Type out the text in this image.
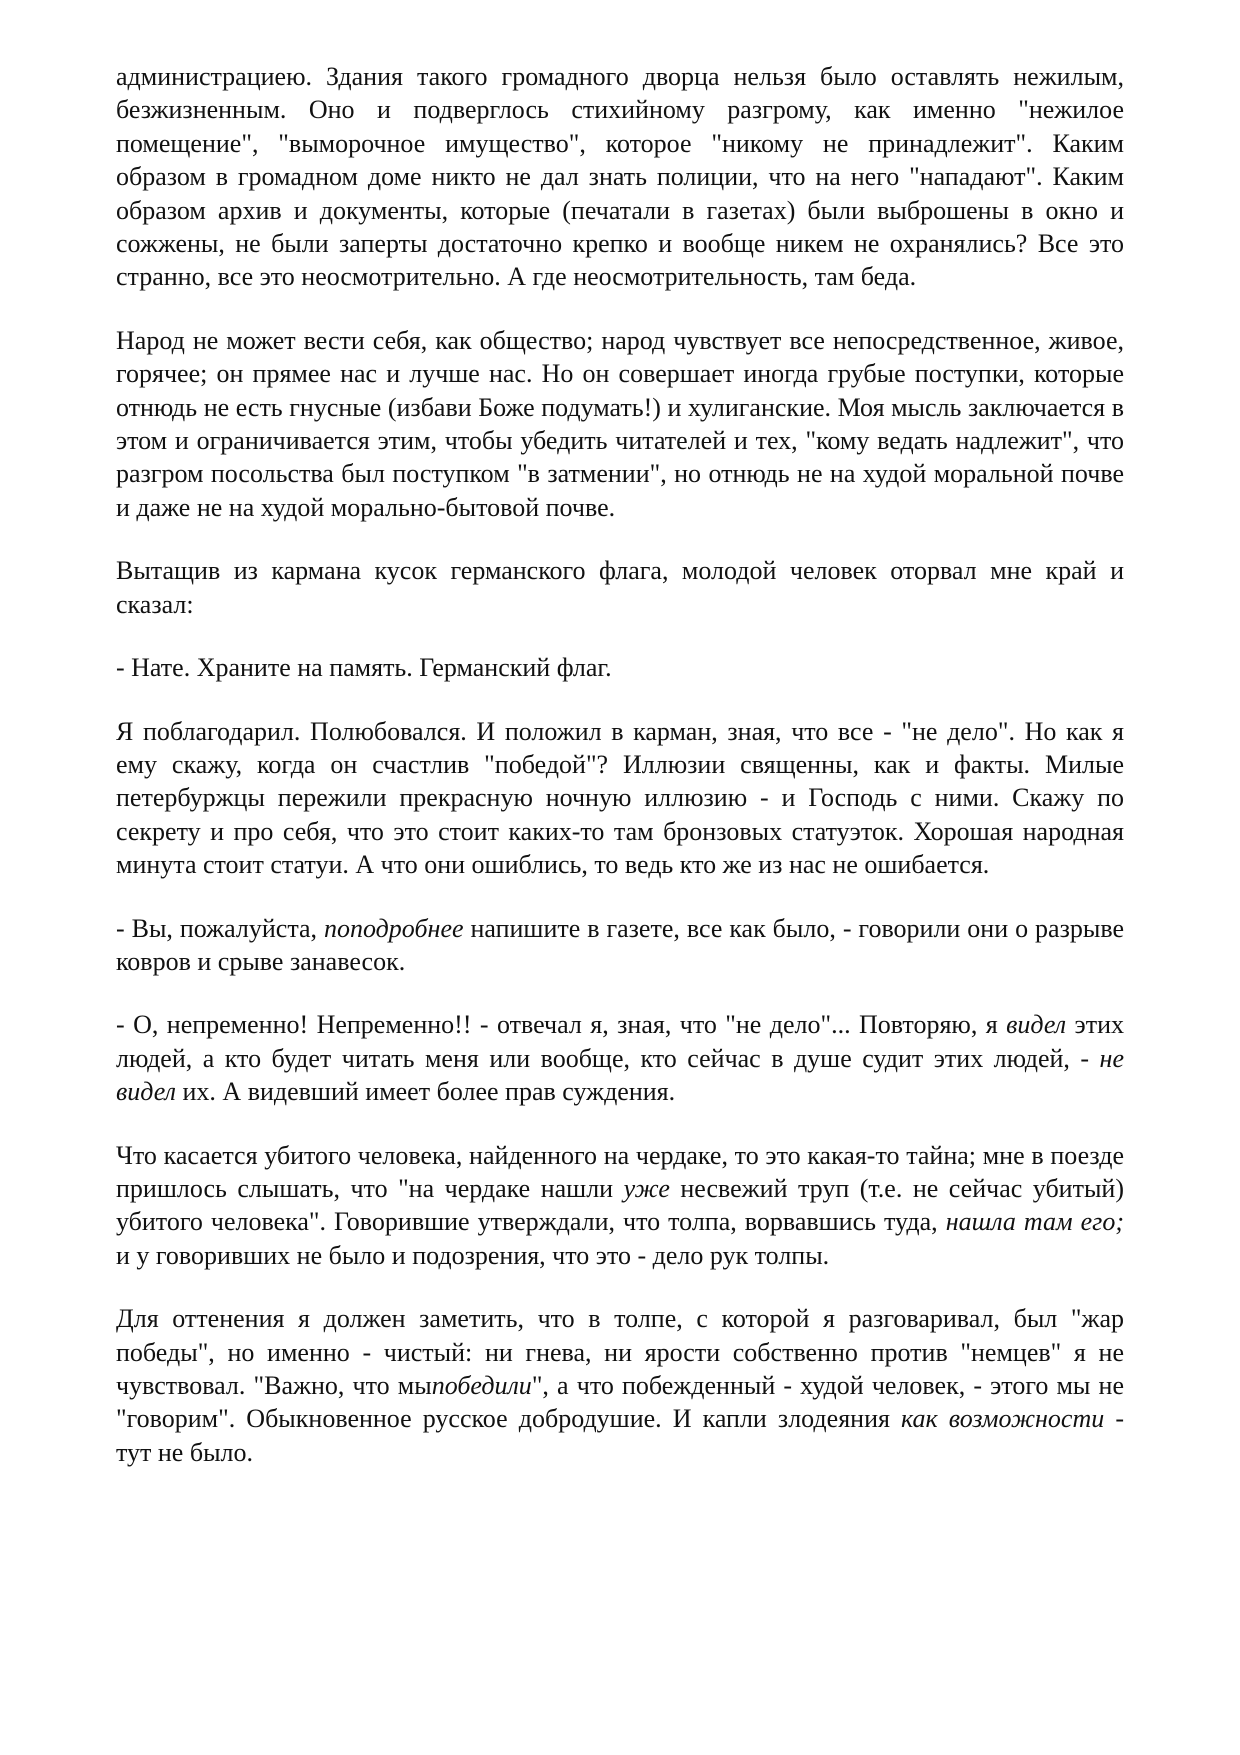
администрациею. Здания такого громадного дворца нельзя было оставлять нежилым, безжизненным. Оно и подверглось стихийному разгрому, как именно "нежилое помещение", "выморочное имущество", которое "никому не принадлежит". Каким образом в громадном доме никто не дал знать полиции, что на него "нападают". Каким образом архив и документы, которые (печатали в газетах) были выброшены в окно и сожжены, не были заперты достаточно крепко и вообще никем не охранялись? Все это странно, все это неосмотрительно. А где неосмотрительность, там беда.

Народ не может вести себя, как общество; народ чувствует все непосредственное, живое, горячее; он прямее нас и лучше нас. Но он совершает иногда грубые поступки, которые отнюдь не есть гнусные (избави Боже подумать!) и хулиганские. Моя мысль заключается в этом и ограничивается этим, чтобы убедить читателей и тех, "кому ведать надлежит", что разгром посольства был поступком "в затмении", но отнюдь не на худой моральной почве и даже не на худой морально-бытовой почве.

Вытащив из кармана кусок германского флага, молодой человек оторвал мне край и сказал:

- Нате. Храните на память. Германский флаг.

Я поблагодарил. Полюбовался. И положил в карман, зная, что все - "не дело". Но как я ему скажу, когда он счастлив "победой"? Иллюзии священны, как и факты. Милые петербуржцы пережили прекрасную ночную иллюзию - и Господь с ними. Скажу по секрету и про себя, что это стоит каких-то там бронзовых статуэток. Хорошая народная минута стоит статуи. А что они ошиблись, то ведь кто же из нас не ошибается.

- Вы, пожалуйста, поподробнее напишите в газете, все как было, - говорили они о разрыве ковров и срыве занавесок.

- О, непременно! Непременно!! - отвечал я, зная, что "не дело"... Повторяю, я видел этих людей, а кто будет читать меня или вообще, кто сейчас в душе судит этих людей, - не видел их. А видевший имеет более прав суждения.

Что касается убитого человека, найденного на чердаке, то это какая-то тайна; мне в поезде пришлось слышать, что "на чердаке нашли уже несвежий труп (т.е. не сейчас убитый) убитого человека". Говорившие утверждали, что толпа, ворвавшись туда, нашла там его; и у говоривших не было и подозрения, что это - дело рук толпы.

Для оттенения я должен заметить, что в толпе, с которой я разговаривал, был "жар победы", но именно - чистый: ни гнева, ни ярости собственно против "немцев" я не чувствовал. "Важно, что мыпобедили", а что побежденный - худой человек, - этого мы не "говорим". Обыкновенное русское добродушие. И капли злодеяния как возможности - тут не было.
